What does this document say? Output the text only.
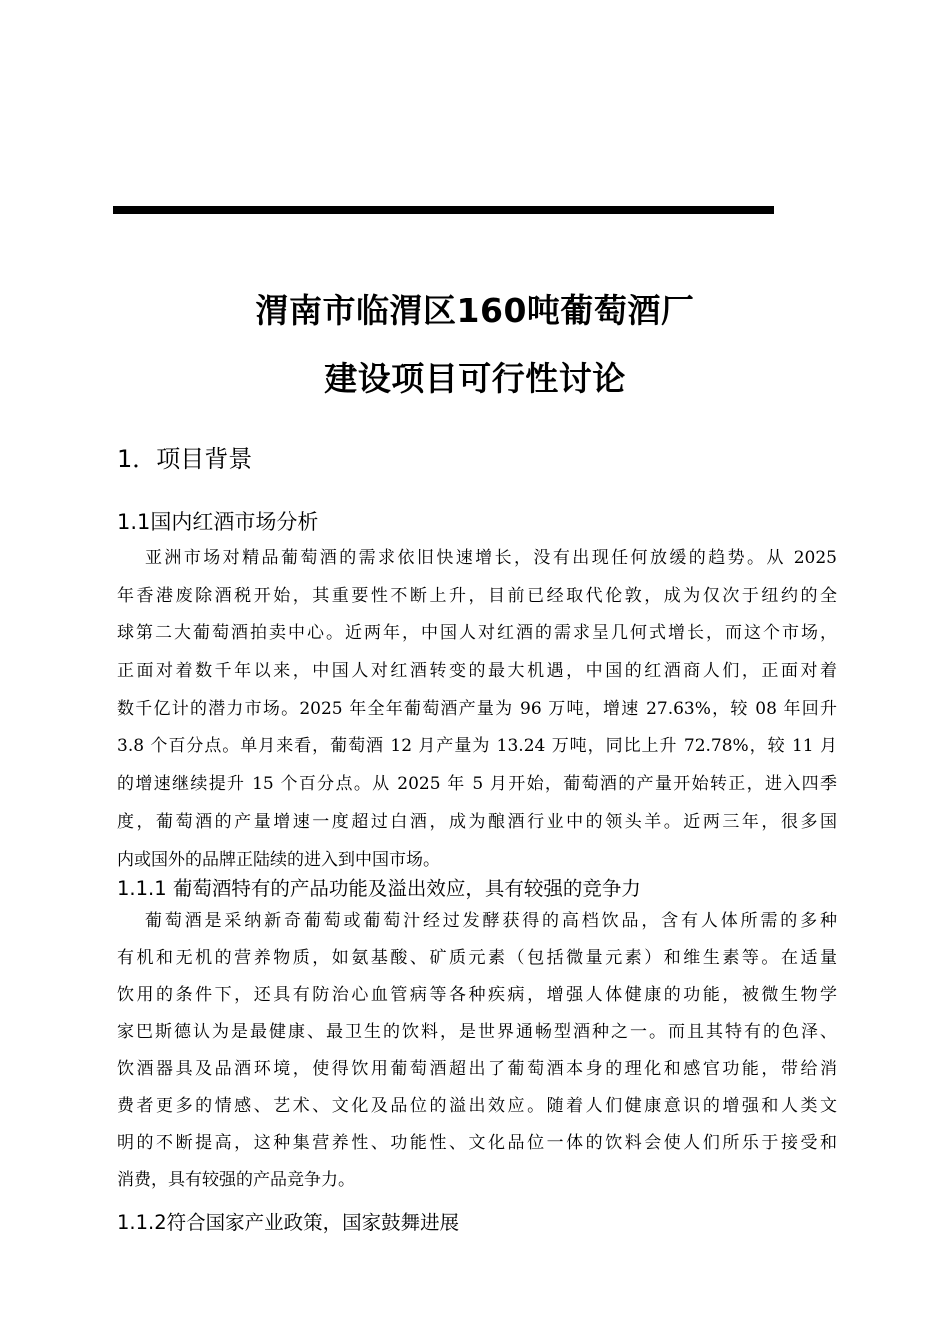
渭南市临渭区160吨葡萄酒厂
建设项目可行性讨论
1．项目背景
1.1国内红酒市场分析
亚洲市场对精品葡萄酒的需求依旧快速增长，没有出现任何放缓的趋势。从 2025
年香港废除酒税开始，其重要性不断上升，目前已经取代伦敦，成为仅次于纽约的全
球第二大葡萄酒拍卖中心。近两年，中国人对红酒的需求呈几何式增长，而这个市场，
正面对着数千年以来，中国人对红酒转变的最大机遇，中国的红酒商人们，正面对着
数千亿计的潜力市场。2025 年全年葡萄酒产量为 96 万吨，增速 27.63%，较 08 年回升
3.8 个百分点。单月来看，葡萄酒 12 月产量为 13.24 万吨，同比上升 72.78%，较 11 月
的增速继续提升 15 个百分点。从 2025 年 5 月开始，葡萄酒的产量开始转正，进入四季
度，葡萄酒的产量增速一度超过白酒，成为酿酒行业中的领头羊。近两三年，很多国
内或国外的品牌正陆续的进入到中国市场。
1.1.1 葡萄酒特有的产品功能及溢出效应，具有较强的竞争力
葡萄酒是采纳新奇葡萄或葡萄汁经过发酵获得的高档饮品，含有人体所需的多种
有机和无机的营养物质，如氨基酸、矿质元素（包括微量元素）和维生素等。在适量
饮用的条件下，还具有防治心血管病等各种疾病，增强人体健康的功能，被微生物学
家巴斯德认为是最健康、最卫生的饮料，是世界通畅型酒种之一。而且其特有的色泽、
饮酒器具及品酒环境，使得饮用葡萄酒超出了葡萄酒本身的理化和感官功能，带给消
费者更多的情感、艺术、文化及品位的溢出效应。随着人们健康意识的增强和人类文
明的不断提高，这种集营养性、功能性、文化品位一体的饮料会使人们所乐于接受和
消费，具有较强的产品竞争力。
1.1.2符合国家产业政策，国家鼓舞进展
